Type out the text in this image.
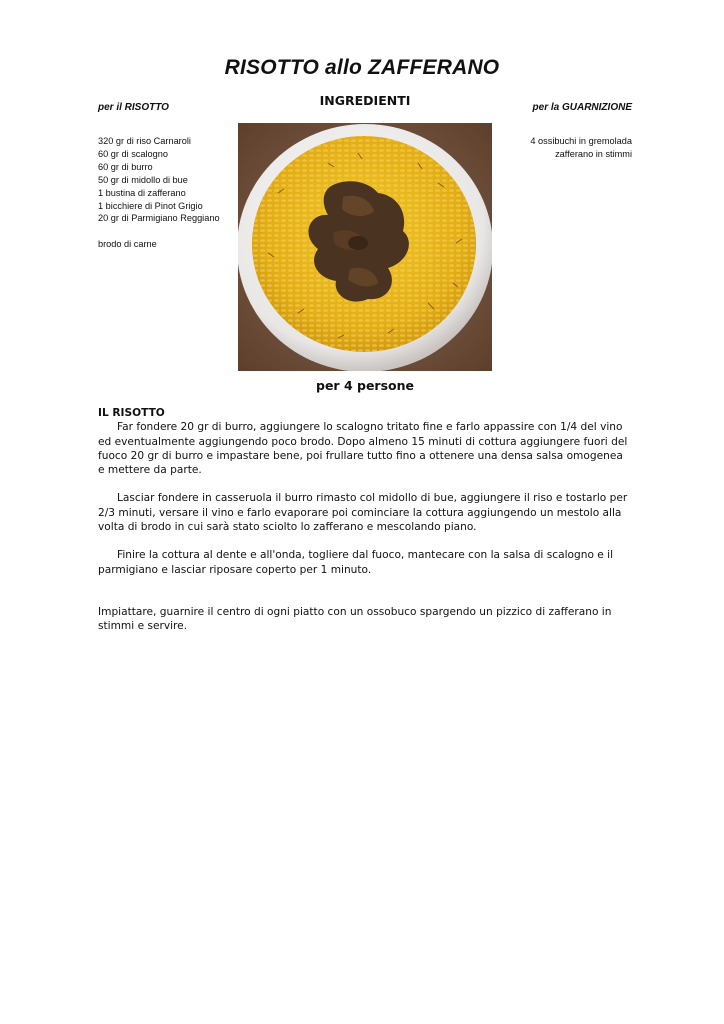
RISOTTO allo ZAFFERANO
INGREDIENTI
per il RISOTTO	per la GUARNIZIONE
320 gr di riso Carnaroli
60 gr di scalogno
60 gr di burro
50 gr di midollo di bue
1 bustina di zafferano
1 bicchiere di Pinot Grigio
20 gr di Parmigiano Reggiano
brodo di carne
4 ossibuchi in gremolada
zafferano in stimmi
per 4 persone
IL RISOTTO

Far fondere 20 gr di burro, aggiungere lo scalogno tritato fine e farlo appassire con 1/4 del vino ed eventualmente aggiungendo poco brodo. Dopo almeno 15 minuti di cottura aggiungere fuori del fuoco 20 gr di burro e impastare bene, poi frullare tutto fino a ottenere una densa salsa omogenea e mettere da parte.

Lasciar fondere in casseruola il burro rimasto col midollo di bue, aggiungere il riso e tostarlo per 2/3 minuti, versare il vino e farlo evaporare poi cominciare la cottura aggiungendo un mestolo alla volta di brodo in cui sarà stato sciolto lo zafferano e mescolando piano.

Finire la cottura al dente e all'onda, togliere dal fuoco, mantecare con la salsa di scalogno e il parmigiano e lasciar riposare coperto per 1 minuto.

Impiattare, guarnire il centro di ogni piatto con un ossobuco spargendo un pizzico di zafferano in stimmi e servire.
